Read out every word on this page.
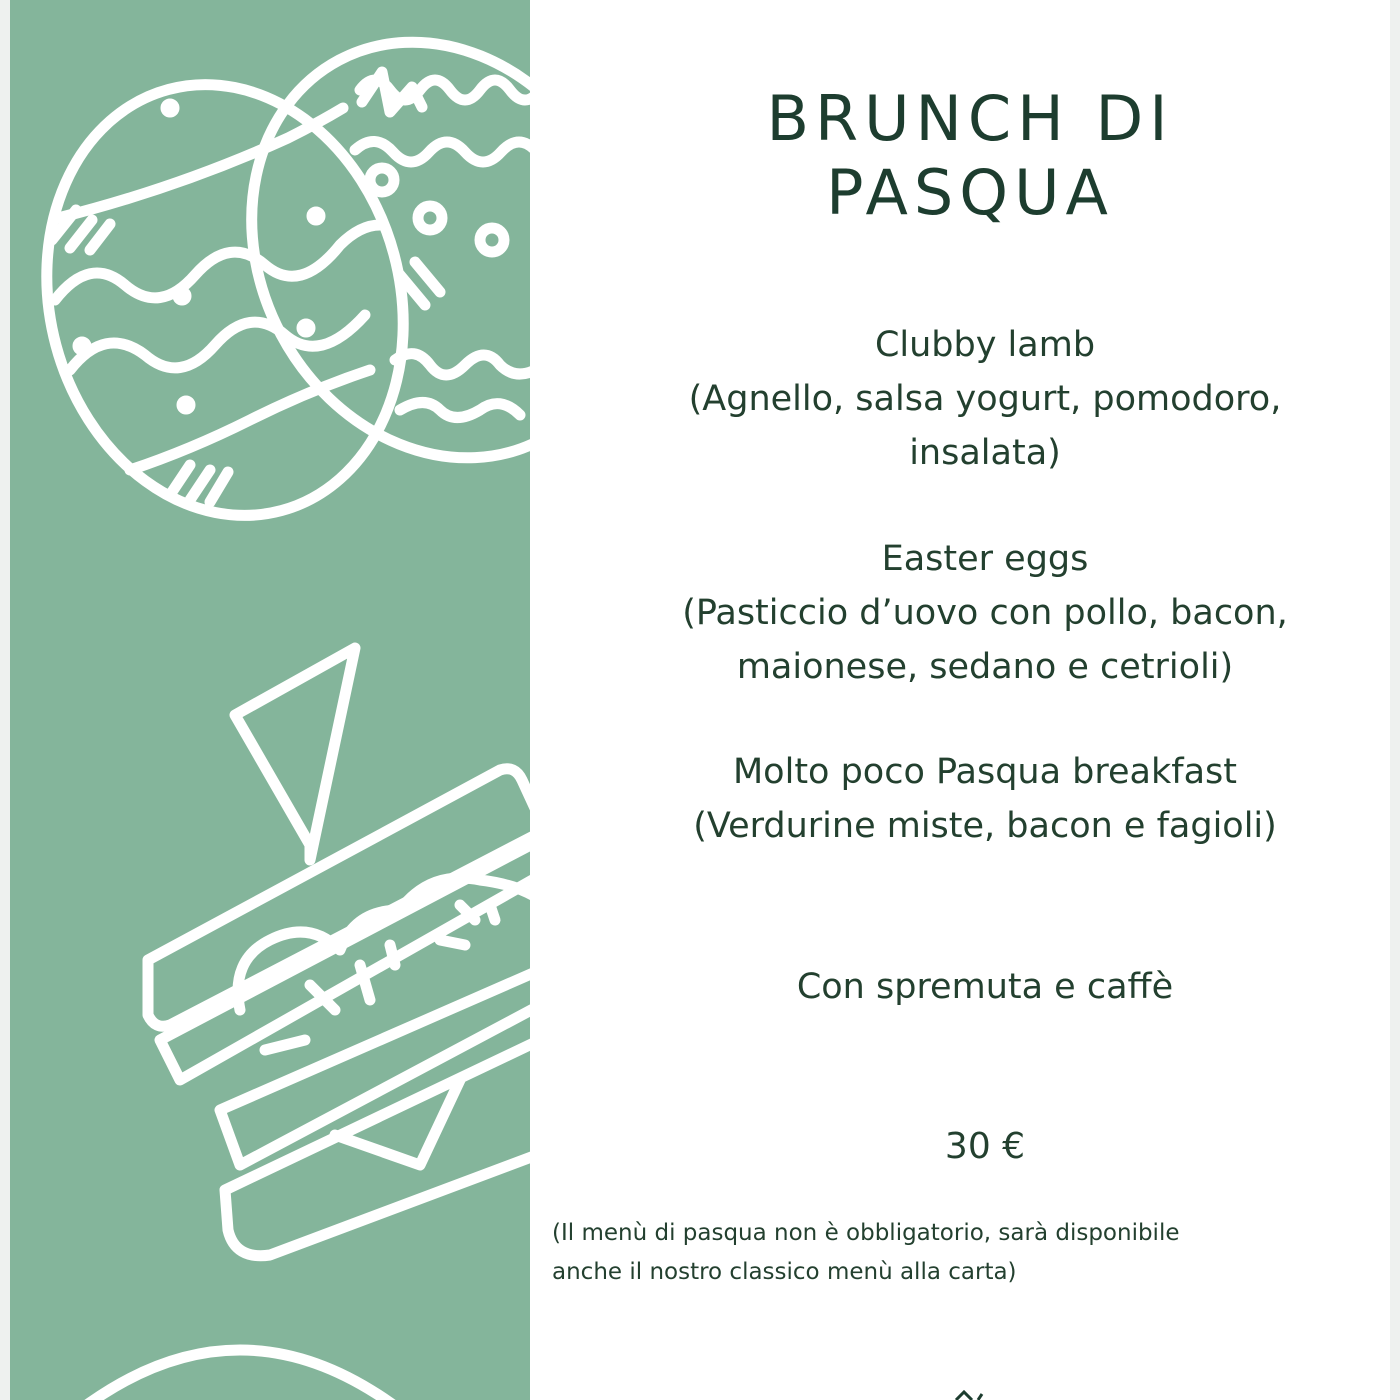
BRUNCH DI
PASQUA
Clubby lamb
(Agnello, salsa yogurt, pomodoro,
insalata)
Easter eggs
(Pasticcio d’uovo con pollo, bacon,
maionese, sedano e cetrioli)
Molto poco Pasqua breakfast
(Verdurine miste, bacon e fagioli)
Con spremuta e caffè
30 €
(Il menù di pasqua non è obbligatorio, sarà disponibile
anche il nostro classico menù alla carta)
